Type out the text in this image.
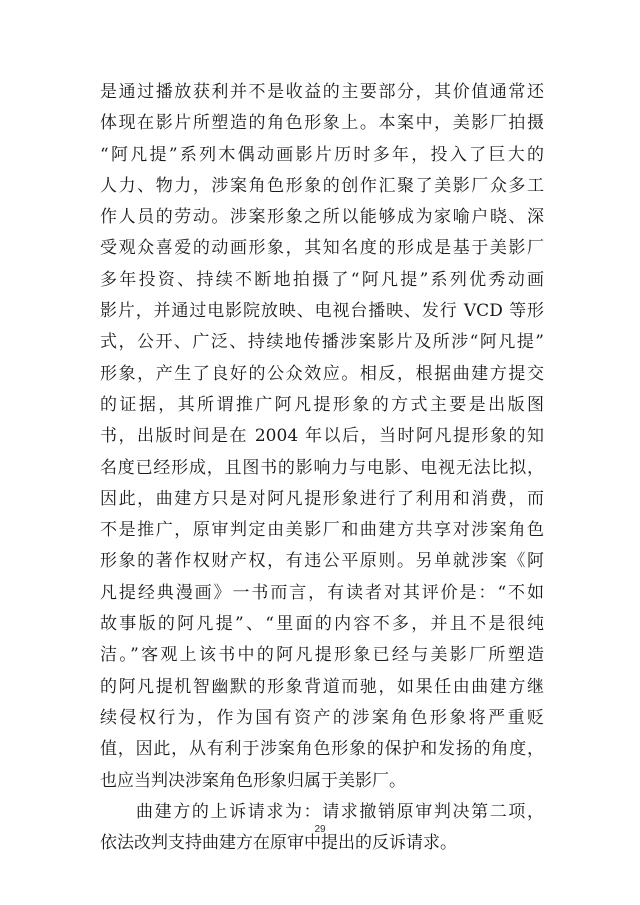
是通过播放获利并不是收益的主要部分，其价值通常还
体现在影片所塑造的角色形象上。本案中，美影厂拍摄
“阿凡提”系列木偶动画影片历时多年，投入了巨大的
人力、物力，涉案角色形象的创作汇聚了美影厂众多工
作人员的劳动。涉案形象之所以能够成为家喻户晓、深
受观众喜爱的动画形象，其知名度的形成是基于美影厂
多年投资、持续不断地拍摄了“阿凡提”系列优秀动画
影片，并通过电影院放映、电视台播映、发行 VCD 等形
式，公开、广泛、持续地传播涉案影片及所涉“阿凡提”
形象，产生了良好的公众效应。相反，根据曲建方提交
的证据，其所谓推广阿凡提形象的方式主要是出版图
书，出版时间是在 2004 年以后，当时阿凡提形象的知
名度已经形成，且图书的影响力与电影、电视无法比拟，
因此，曲建方只是对阿凡提形象进行了利用和消费，而
不是推广，原审判定由美影厂和曲建方共享对涉案角色
形象的著作权财产权，有违公平原则。另单就涉案《阿
凡提经典漫画》一书而言，有读者对其评价是：“不如
故事版的阿凡提”、“里面的内容不多，并且不是很纯
洁。”客观上该书中的阿凡提形象已经与美影厂所塑造
的阿凡提机智幽默的形象背道而驰，如果任由曲建方继
续侵权行为，作为国有资产的涉案角色形象将严重贬
值，因此，从有利于涉案角色形象的保护和发扬的角度，
也应当判决涉案角色形象归属于美影厂。
曲建方的上诉请求为：请求撤销原审判决第二项，
依法改判支持曲建方在原审中提出的反诉请求。
29
